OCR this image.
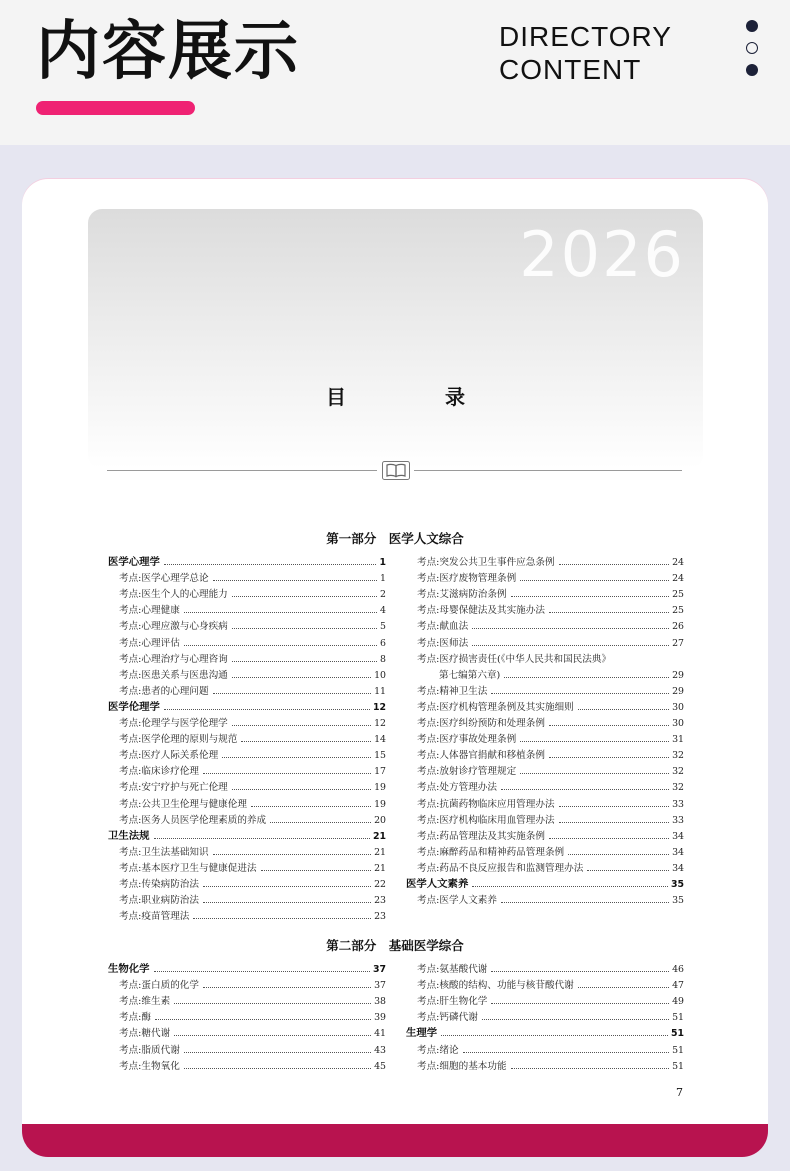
内容展示	DIRECTORY
CONTENT
2026
目 录
第一部分　医学人文综合
医学心理学	1
考点:医学心理学总论	1
考点:医生个人的心理能力	2
考点:心理健康	4
考点:心理应激与心身疾病	5
考点:心理评估	6
考点:心理治疗与心理咨询	8
考点:医患关系与医患沟通	10
考点:患者的心理问题	11
医学伦理学	12
考点:伦理学与医学伦理学	12
考点:医学伦理的原则与规范	14
考点:医疗人际关系伦理	15
考点:临床诊疗伦理	17
考点:安宁疗护与死亡伦理	19
考点:公共卫生伦理与健康伦理	19
考点:医务人员医学伦理素质的养成	20
卫生法规	21
考点:卫生法基础知识	21
考点:基本医疗卫生与健康促进法	21
考点:传染病防治法	22
考点:职业病防治法	23
考点:疫苗管理法	23
考点:突发公共卫生事件应急条例	24
考点:医疗废物管理条例	24
考点:艾滋病防治条例	25
考点:母婴保健法及其实施办法	25
考点:献血法	26
考点:医师法	27
考点:医疗损害责任(《中华人民共和国民法典》
第七编第六章)	29
考点:精神卫生法	29
考点:医疗机构管理条例及其实施细则	30
考点:医疗纠纷预防和处理条例	30
考点:医疗事故处理条例	31
考点:人体器官捐献和移植条例	32
考点:放射诊疗管理规定	32
考点:处方管理办法	32
考点:抗菌药物临床应用管理办法	33
考点:医疗机构临床用血管理办法	33
考点:药品管理法及其实施条例	34
考点:麻醉药品和精神药品管理条例	34
考点:药品不良反应报告和监测管理办法	34
医学人文素养	35
考点:医学人文素养	35
第二部分　基础医学综合
生物化学	37
考点:蛋白质的化学	37
考点:维生素	38
考点:酶	39
考点:糖代谢	41
考点:脂质代谢	43
考点:生物氧化	45
考点:氨基酸代谢	46
考点:核酸的结构、功能与核苷酸代谢	47
考点:肝生物化学	49
考点:钙磷代谢	51
生理学	51
考点:绪论	51
考点:细胞的基本功能	51
7
